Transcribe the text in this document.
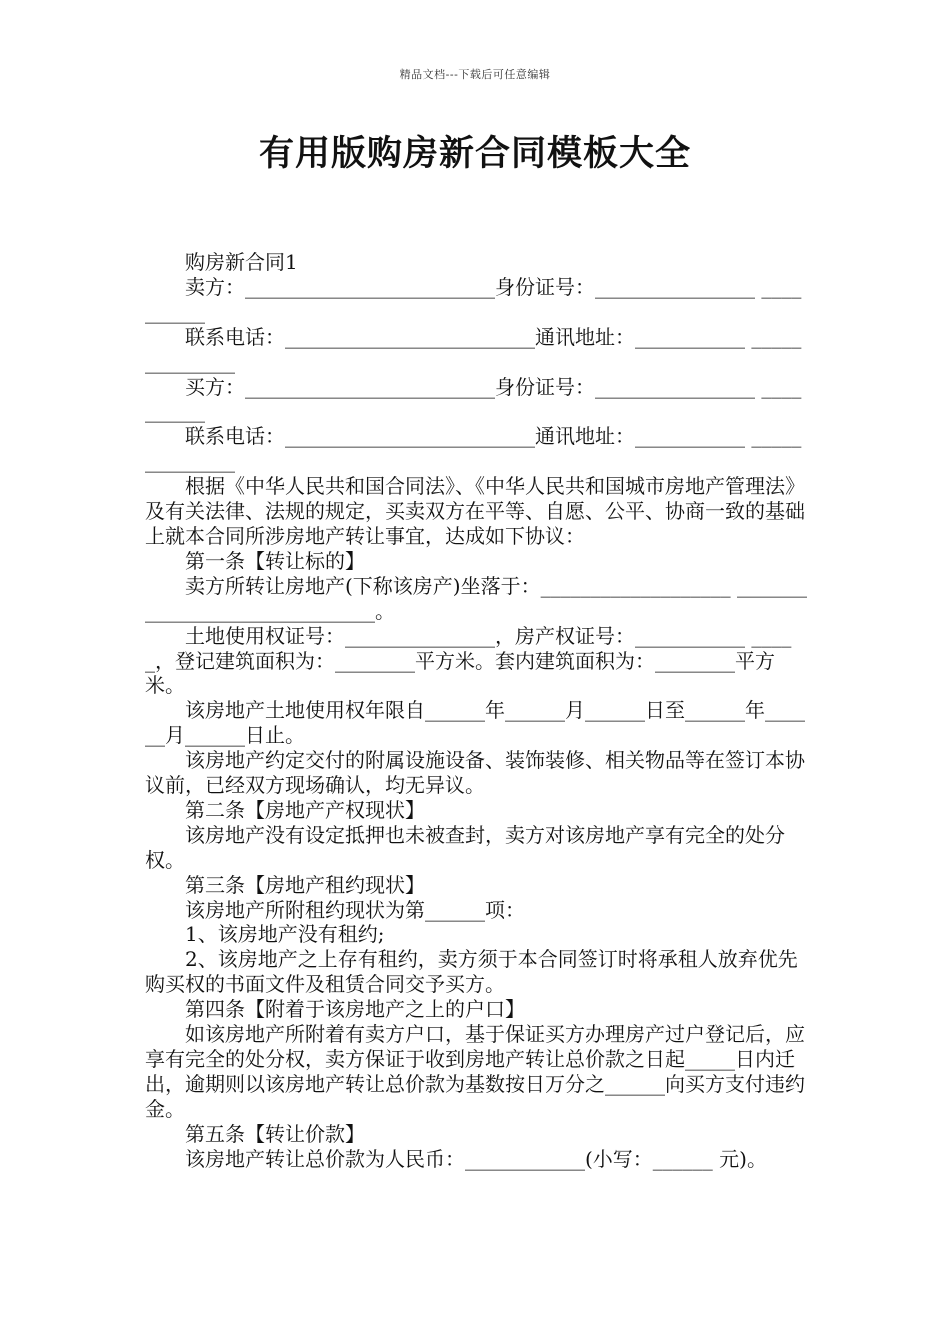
精品文档---下载后可任意编辑
有用版购房新合同模板大全

购房新合同1

卖方：_________________________身份证号：________________ __________

联系电话：_________________________通讯地址：___________ ______________

买方：_________________________身份证号：________________ __________

联系电话：_________________________通讯地址：___________ ______________

根据《中华人民共和国合同法》、《中华人民共和国城市房地产管理法》及有关法律、法规的规定，买卖双方在平等、自愿、公平、协商一致的基础上就本合同所涉房地产转让事宜，达成如下协议：

第一条【转让标的】

卖方所转让房地产(下称该房产)坐落于：___________________ ______________________________。

土地使用权证号：_______________，房产权证号：___________ _____，登记建筑面积为：________平方米。套内建筑面积为：________平方米。

该房地产土地使用权年限自______年______月______日至______年______月______日止。

该房地产约定交付的附属设施设备、装饰装修、相关物品等在签订本协议前，已经双方现场确认，均无异议。

第二条【房地产产权现状】

该房地产没有设定抵押也未被查封，卖方对该房地产享有完全的处分权。

第三条【房地产租约现状】

该房地产所附租约现状为第______项：

1、该房地产没有租约;

2、该房地产之上存有租约，卖方须于本合同签订时将承租人放弃优先购买权的书面文件及租赁合同交予买方。

第四条【附着于该房地产之上的户口】

如该房地产所附着有卖方户口，基于保证买方办理房产过户登记后，应享有完全的处分权，卖方保证于收到房地产转让总价款之日起_____日内迁出，逾期则以该房地产转让总价款为基数按日万分之______向买方支付违约金。

第五条【转让价款】

该房地产转让总价款为人民币：____________(小写：______ 元)。
